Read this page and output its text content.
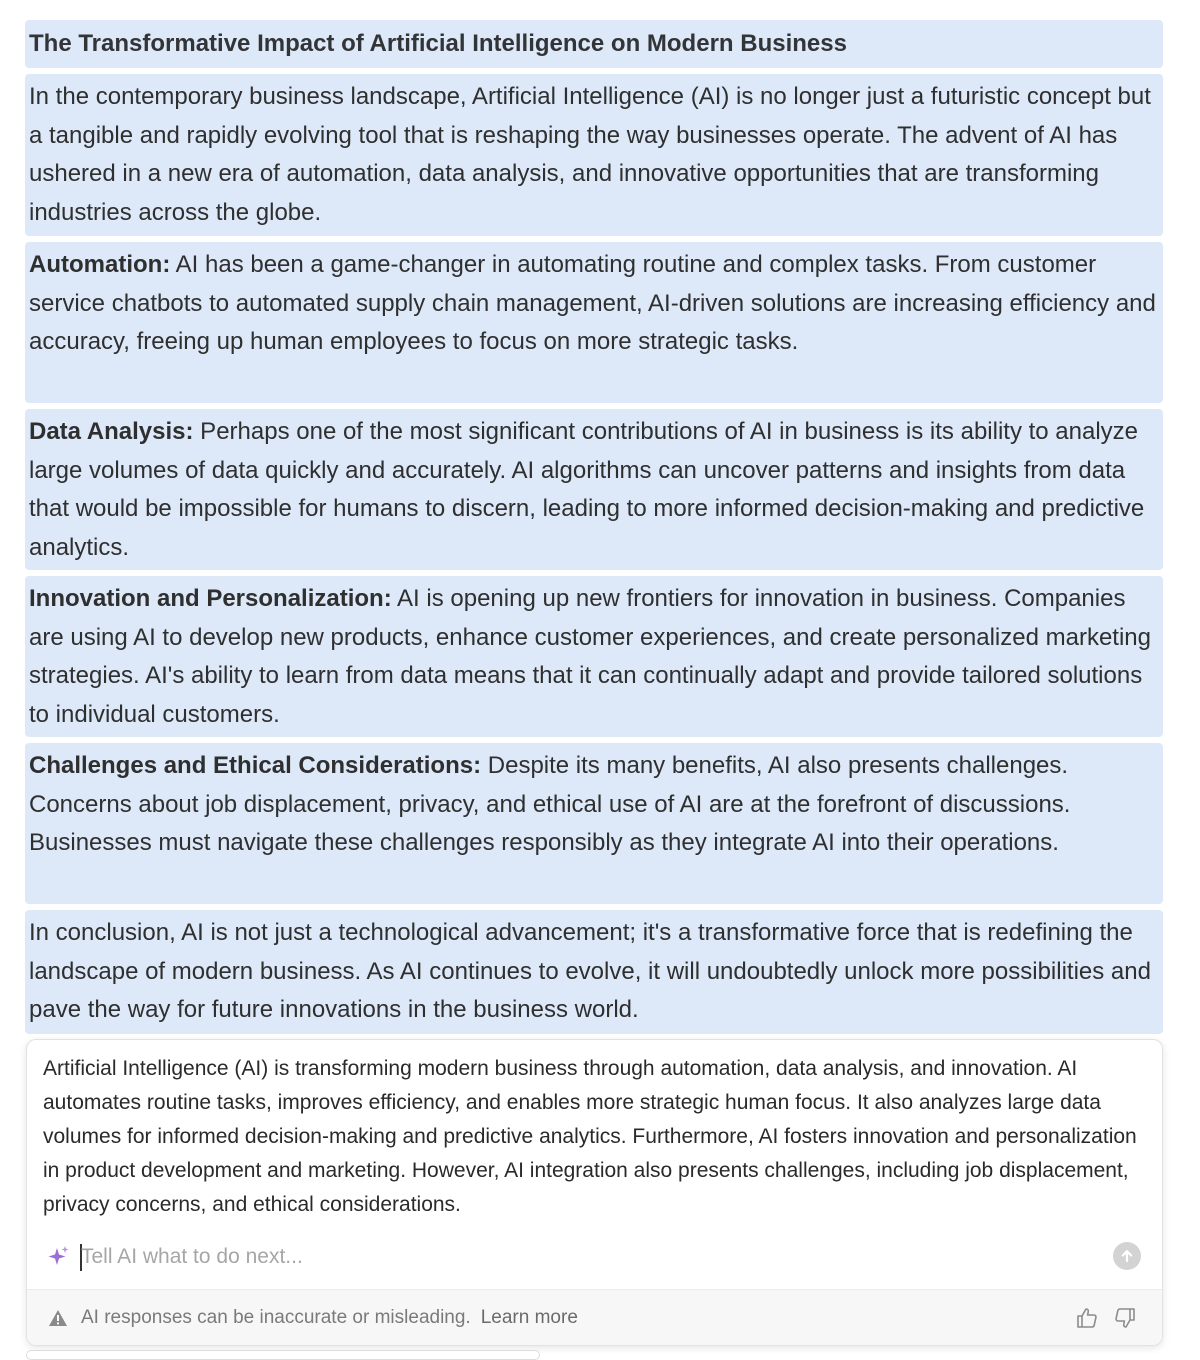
The Transformative Impact of Artificial Intelligence on Modern Business
In the contemporary business landscape, Artificial Intelligence (AI) is no longer just a futuristic concept but a tangible and rapidly evolving tool that is reshaping the way businesses operate. The advent of AI has ushered in a new era of automation, data analysis, and innovative opportunities that are transforming industries across the globe.
Automation: AI has been a game-changer in automating routine and complex tasks. From customer service chatbots to automated supply chain management, AI-driven solutions are increasing efficiency and accuracy, freeing up human employees to focus on more strategic tasks.
Data Analysis: Perhaps one of the most significant contributions of AI in business is its ability to analyze large volumes of data quickly and accurately. AI algorithms can uncover patterns and insights from data that would be impossible for humans to discern, leading to more informed decision-making and predictive analytics.
Innovation and Personalization: AI is opening up new frontiers for innovation in business. Companies are using AI to develop new products, enhance customer experiences, and create personalized marketing strategies. AI's ability to learn from data means that it can continually adapt and provide tailored solutions to individual customers.
Challenges and Ethical Considerations: Despite its many benefits, AI also presents challenges. Concerns about job displacement, privacy, and ethical use of AI are at the forefront of discussions. Businesses must navigate these challenges responsibly as they integrate AI into their operations.
In conclusion, AI is not just a technological advancement; it's a transformative force that is redefining the landscape of modern business. As AI continues to evolve, it will undoubtedly unlock more possibilities and pave the way for future innovations in the business world.

Artificial Intelligence (AI) is transforming modern business through automation, data analysis, and innovation. AI automates routine tasks, improves efficiency, and enables more strategic human focus. It also analyzes large data volumes for informed decision-making and predictive analytics. Furthermore, AI fosters innovation and personalization in product development and marketing. However, AI integration also presents challenges, including job displacement, privacy concerns, and ethical considerations.

Tell AI what to do next...
AI responses can be inaccurate or misleading. Learn more
